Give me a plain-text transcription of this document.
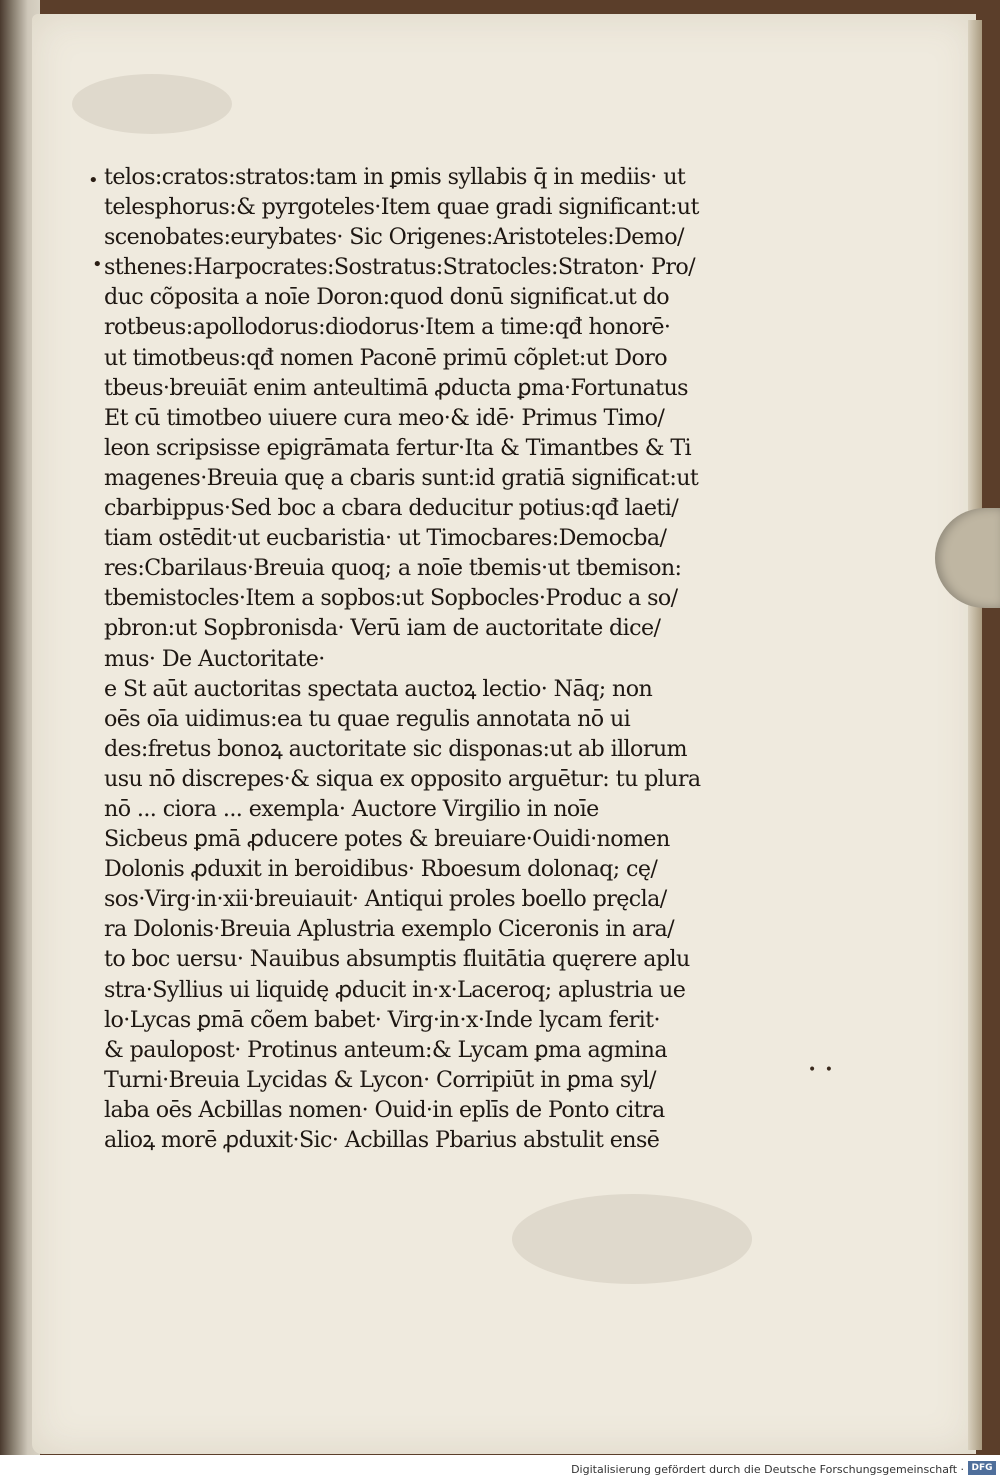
•
•
• •
telos:cratos:stratos:tam in ꝑmis syllabis q̄ in mediis· ut
telesphorus:& pyrgoteles·Item quae gradi significant:ut
scenobates:eurybates· Sic Origenes:Aristoteles:Demo/
sthenes:Harpocrates:Sostratus:Stratocles:Straton· Pro/
duc cõposita a noīe Doron:quod donū significat.ut do
rotbeus:apollodorus:diodorus·Item a time:qđ honorē·
ut timotbeus:qđ nomen Paconē primū cõplet:ut Doro
tbeus·breuiāt enim anteultimā ꝓducta ꝑma·Fortunatus
Et cū timotbeo uiuere cura meo·& idē· Primus Timo/
leon scripsisse epigrāmata fertur·Ita & Timantbes & Ti
magenes·Breuia quę a cbaris sunt:id gratiā significat:ut
cbarbippus·Sed boc a cbara deducitur potius:qđ laeti/
tiam ostēdit·ut eucbaristia· ut Timocbares:Democba/
res:Cbarilaus·Breuia quoq; a noīe tbemis·ut tbemison:
tbemistocles·Item a sopbos:ut Sopbocles·Produc a so/
pbron:ut Sopbronisda· Verū iam de auctoritate dice/
mus· De Auctoritate·
e St aūt auctoritas spectata auctoꝝ lectio· Nāq; non
oēs oīa uidimus:ea tu quae regulis annotata nō ui
des:fretus bonoꝝ auctoritate sic disponas:ut ab illorum
usu nō discrepes·& siqua ex opposito arguētur: tu plura
nō ... ciora ... exempla· Auctore Virgilio in noīe
Sicbeus ꝑmā ꝓducere potes & breuiare·Ouidi·nomen
Dolonis ꝓduxit in beroidibus· Rboesum dolonaq; cę/
sos·Virg·in·xii·breuiauit· Antiqui proles boello pręcla/
ra Dolonis·Breuia Aplustria exemplo Ciceronis in ara/
to boc uersu· Nauibus absumptis fluitātia quęrere aplu
stra·Syllius ui liquidę ꝓducit in·x·Laceroq; aplustria ue
lo·Lycas ꝑmā cõem babet· Virg·in·x·Inde lycam ferit·
& paulopost· Protinus anteum:& Lycam ꝑma agmina
Turni·Breuia Lycidas & Lycon· Corripiūt in ꝑma syl/
laba oēs Acbillas nomen· Ouid·in eplīs de Ponto citra
alioꝝ morē ꝓduxit·Sic· Acbillas Pbarius abstulit ensē
Digitalisierung gefördert durch die Deutsche Forschungsgemeinschaft · DFG
